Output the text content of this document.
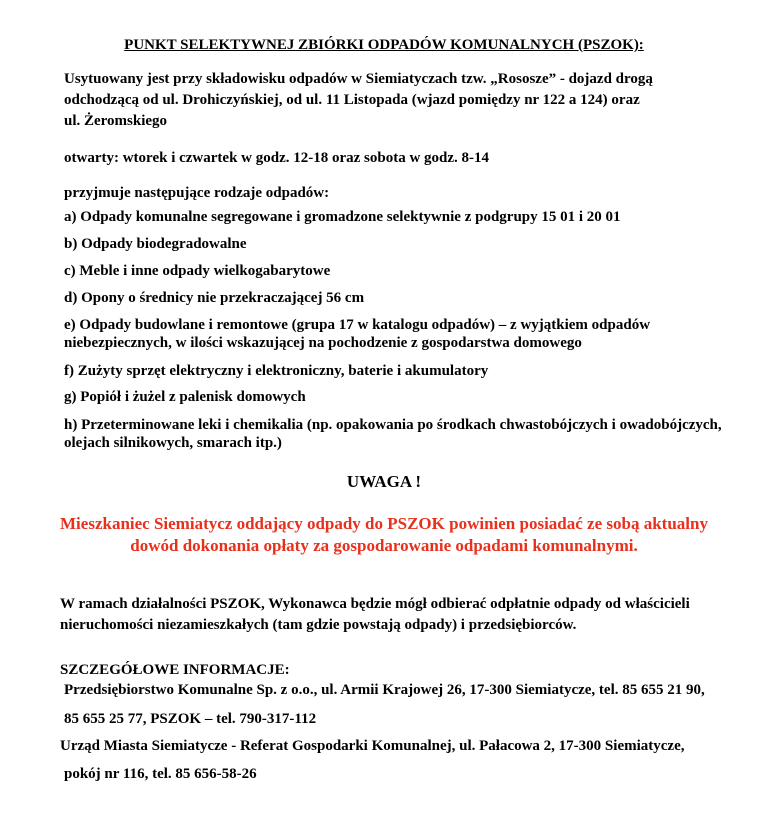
PUNKT SELEKTYWNEJ ZBIÓRKI ODPADÓW KOMUNALNYCH (PSZOK):
Usytuowany jest przy składowisku odpadów w Siemiatyczach tzw. „Rososze” - dojazd drogą
odchodzącą od ul. Drohiczyńskiej, od ul. 11 Listopada (wjazd pomiędzy nr 122 a 124) oraz
ul. Żeromskiego
otwarty: wtorek i czwartek w godz. 12-18 oraz sobota w godz. 8-14
przyjmuje następujące rodzaje odpadów:
a) Odpady komunalne segregowane i gromadzone selektywnie z podgrupy 15 01 i 20 01
b) Odpady biodegradowalne
c) Meble i inne odpady wielkogabarytowe
d) Opony o średnicy nie przekraczającej 56 cm
e) Odpady budowlane i remontowe (grupa 17 w katalogu odpadów) – z wyjątkiem odpadów
niebezpiecznych, w ilości wskazującej na pochodzenie z gospodarstwa domowego
f) Zużyty sprzęt elektryczny i elektroniczny, baterie i akumulatory
g) Popiół i żużel z palenisk domowych
h) Przeterminowane leki i chemikalia (np. opakowania po środkach chwastobójczych i owadobójczych,
olejach silnikowych, smarach itp.)
UWAGA !
Mieszkaniec Siemiatycz oddający odpady do PSZOK powinien posiadać ze sobą aktualny
dowód dokonania opłaty za gospodarowanie odpadami komunalnymi.
W ramach działalności PSZOK, Wykonawca będzie mógł odbierać odpłatnie odpady od właścicieli
nieruchomości niezamieszkałych (tam gdzie powstają odpady) i przedsiębiorców.
SZCZEGÓŁOWE INFORMACJE:
Przedsiębiorstwo Komunalne Sp. z o.o., ul. Armii Krajowej 26, 17-300 Siemiatycze, tel. 85 655 21 90,
85 655 25 77, PSZOK – tel. 790-317-112
Urząd Miasta Siemiatycze - Referat Gospodarki Komunalnej, ul. Pałacowa 2, 17-300 Siemiatycze,
pokój nr 116, tel. 85 656-58-26
